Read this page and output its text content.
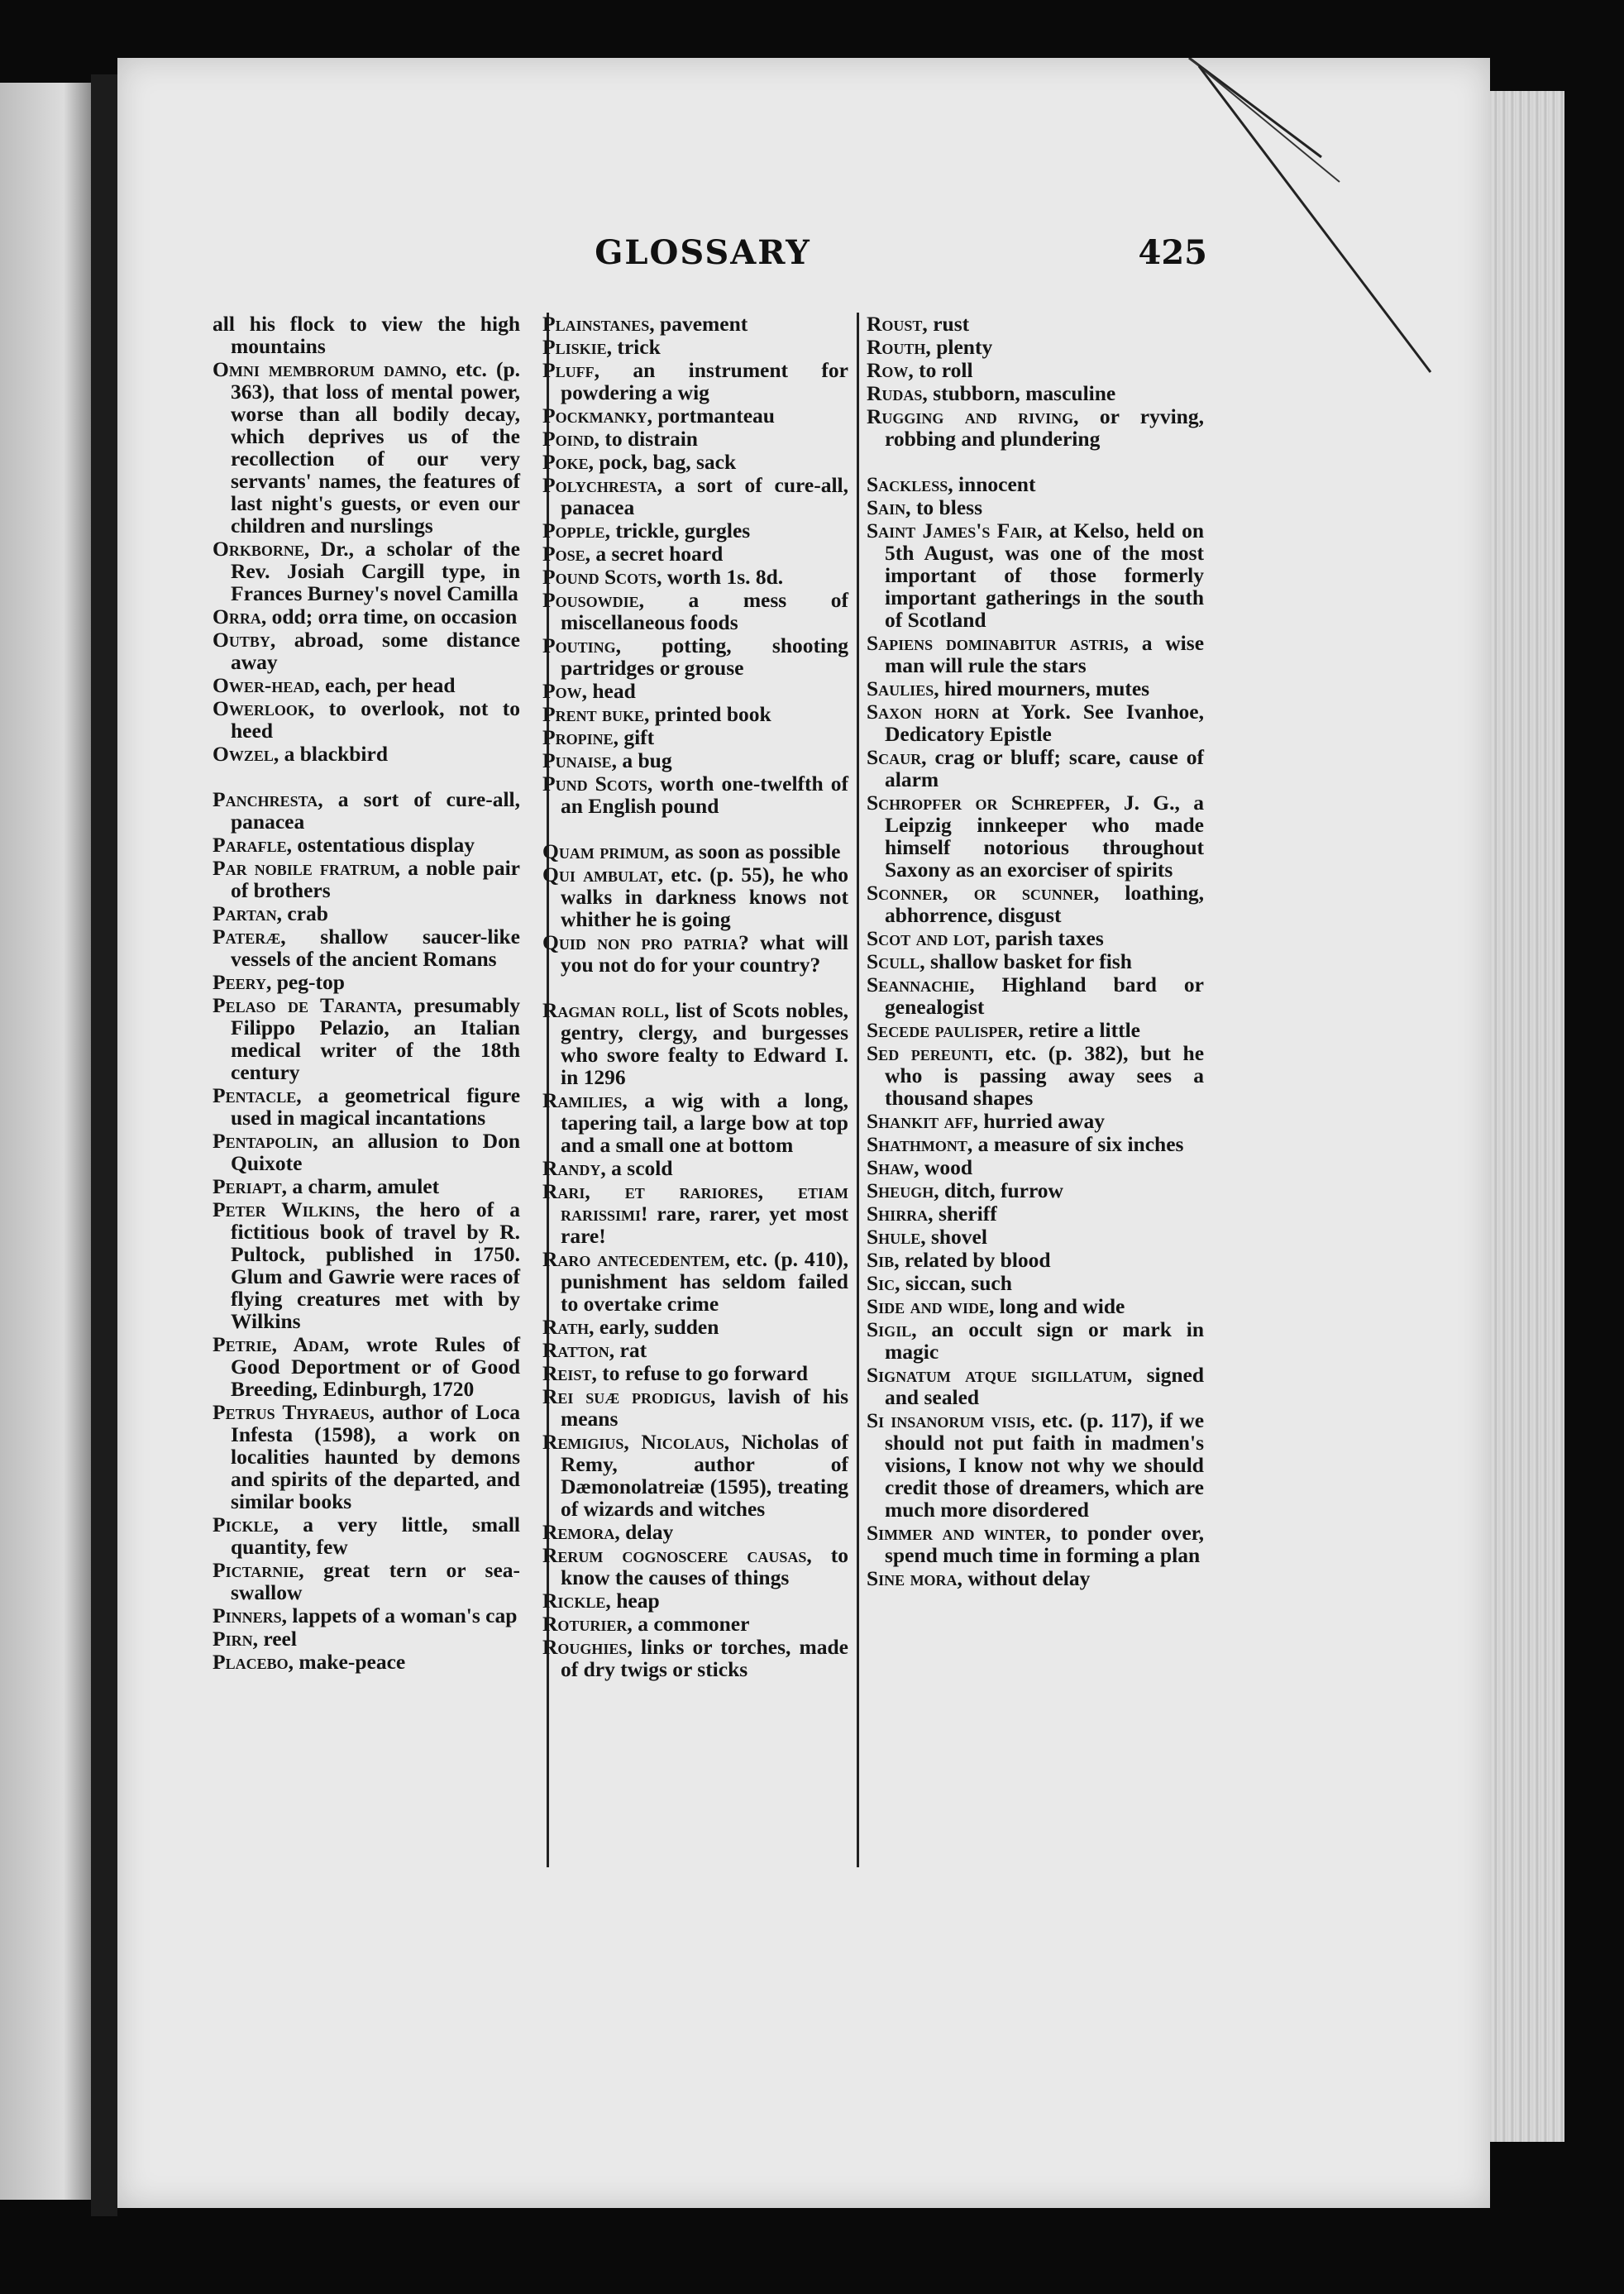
GLOSSARY	425
all his flock to view the high mountains
Omni membrorum damno, etc. (p. 363), that loss of mental power, worse than all bodily decay, which deprives us of the recollection of our very servants' names, the features of last night's guests, or even our children and nurslings
Orkborne, Dr., a scholar of the Rev. Josiah Cargill type, in Frances Burney's novel Camilla
Orra, odd; orra time, on occasion
Outby, abroad, some distance away
Ower-head, each, per head
Owerlook, to overlook, not to heed
Owzel, a blackbird
Panchresta, a sort of cure-all, panacea
Parafle, ostentatious display
Par nobile fratrum, a noble pair of brothers
Partan, crab
Pateræ, shallow saucer-like vessels of the ancient Romans
Peery, peg-top
Pelaso de Taranta, presumably Filippo Pelazio, an Italian medical writer of the 18th century
Pentacle, a geometrical figure used in magical incantations
Pentapolin, an allusion to Don Quixote
Periapt, a charm, amulet
Peter Wilkins, the hero of a fictitious book of travel by R. Pultock, published in 1750. Glum and Gawrie were races of flying creatures met with by Wilkins
Petrie, Adam, wrote Rules of Good Deportment or of Good Breeding, Edinburgh, 1720
Petrus Thyraeus, author of Loca Infesta (1598), a work on localities haunted by demons and spirits of the departed, and similar books
Pickle, a very little, small quantity, few
Pictarnie, great tern or sea-swallow
Pinners, lappets of a woman's cap
Pirn, reel
Placebo, make-peace
Plainstanes, pavement
Pliskie, trick
Pluff, an instrument for powdering a wig
Pockmanky, portmanteau
Poind, to distrain
Poke, pock, bag, sack
Polychresta, a sort of cure-all, panacea
Popple, trickle, gurgles
Pose, a secret hoard
Pound Scots, worth 1s. 8d.
Pousowdie, a mess of miscellaneous foods
Pouting, potting, shooting partridges or grouse
Pow, head
Prent buke, printed book
Propine, gift
Punaise, a bug
Pund Scots, worth one-twelfth of an English pound
Quam primum, as soon as possible
Qui ambulat, etc. (p. 55), he who walks in darkness knows not whither he is going
Quid non pro patria? what will you not do for your country?
Ragman roll, list of Scots nobles, gentry, clergy, and burgesses who swore fealty to Edward I. in 1296
Ramilies, a wig with a long, tapering tail, a large bow at top and a small one at bottom
Randy, a scold
Rari, et rariores, etiam rarissimi! rare, rarer, yet most rare!
Raro antecedentem, etc. (p. 410), punishment has seldom failed to overtake crime
Rath, early, sudden
Ratton, rat
Reist, to refuse to go forward
Rei suæ prodigus, lavish of his means
Remigius, Nicolaus, Nicholas of Remy, author of Dæmonolatreiæ (1595), treating of wizards and witches
Remora, delay
Rerum cognoscere causas, to know the causes of things
Rickle, heap
Roturier, a commoner
Roughies, links or torches, made of dry twigs or sticks
Roust, rust
Routh, plenty
Row, to roll
Rudas, stubborn, masculine
Rugging and riving, or ryving, robbing and plundering
Sackless, innocent
Sain, to bless
Saint James's Fair, at Kelso, held on 5th August, was one of the most important of those formerly important gatherings in the south of Scotland
Sapiens dominabitur astris, a wise man will rule the stars
Saulies, hired mourners, mutes
Saxon horn at York. See Ivanhoe, Dedicatory Epistle
Scaur, crag or bluff; scare, cause of alarm
Schropfer or Schrepfer, J. G., a Leipzig innkeeper who made himself notorious throughout Saxony as an exorciser of spirits
Sconner, or scunner, loathing, abhorrence, disgust
Scot and lot, parish taxes
Scull, shallow basket for fish
Seannachie, Highland bard or genealogist
Secede paulisper, retire a little
Sed pereunti, etc. (p. 382), but he who is passing away sees a thousand shapes
Shankit aff, hurried away
Shathmont, a measure of six inches
Shaw, wood
Sheugh, ditch, furrow
Shirra, sheriff
Shule, shovel
Sib, related by blood
Sic, siccan, such
Side and wide, long and wide
Sigil, an occult sign or mark in magic
Signatum atque sigillatum, signed and sealed
Si insanorum visis, etc. (p. 117), if we should not put faith in madmen's visions, I know not why we should credit those of dreamers, which are much more disordered
Simmer and winter, to ponder over, spend much time in forming a plan
Sine mora, without delay
